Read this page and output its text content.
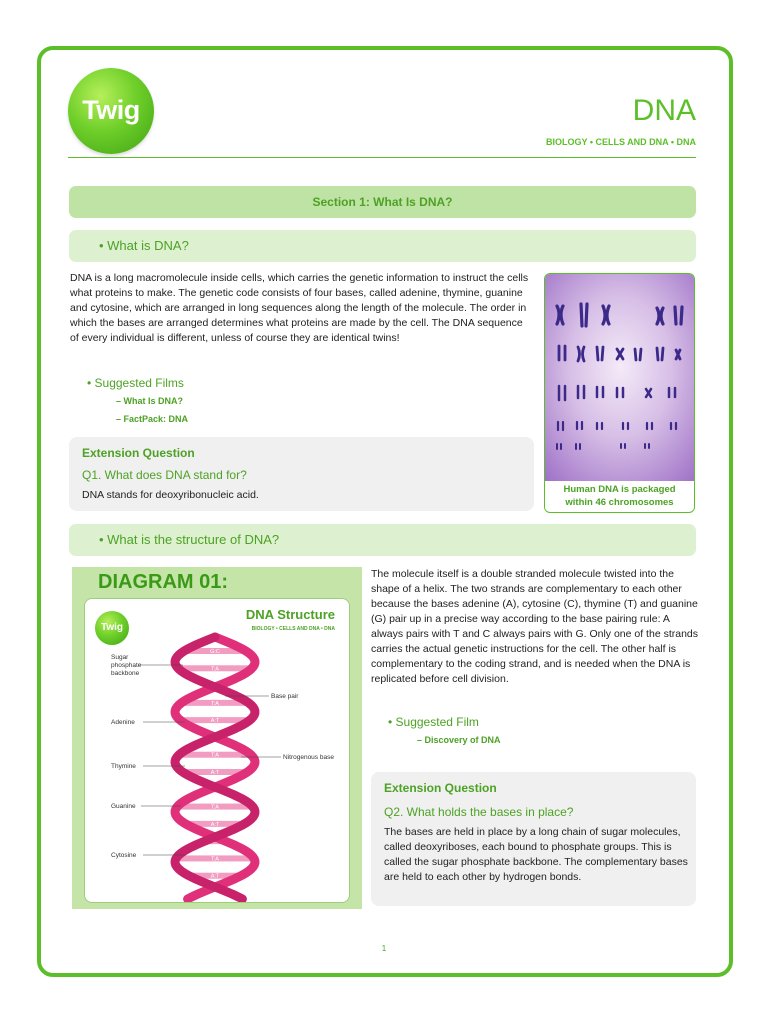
Twig	DNA
BIOLOGY • CELLS AND DNA • DNA
Section 1: What Is DNA?
• What is DNA?
DNA is a long macromolecule inside cells, which carries the genetic information to instruct the cells what proteins to make. The genetic code consists of four bases, called adenine, thymine, guanine and cytosine, which are arranged in long sequences along the length of the molecule. The order in which the bases are arranged determines what proteins are made by the cell. The DNA sequence of every individual is different, unless of course they are identical twins!
• Suggested Films
– What Is DNA?
– FactPack: DNA
Extension Question
Q1. What does DNA stand for?
DNA stands for deoxyribonucleic acid.	Human DNA is packaged
within 46 chromosomes
• What is the structure of DNA?
DIAGRAM 01:
Twig
DNA Structure
BIOLOGY • CELLS AND DNA • DNA
G:C
T:A
T:A
A:T
T:A
A:T
G:C
T:A
A:T
C:G
T:A
A:T
Sugar
phosphate
backbone
Base pair
Adenine
Nitrogenous base
Thymine
Guanine
Cytosine
The molecule itself is a double stranded molecule twisted into the shape of a helix. The two strands are complementary to each other because the bases adenine (A), cytosine (C), thymine (T) and guanine (G) pair up in a precise way according to the base pairing rule: A always pairs with T and C always pairs with G. Only one of the strands carries the actual genetic instructions for the cell. The other half is complementary to the coding strand, and is needed when the DNA is replicated before cell division.
• Suggested Film
– Discovery of DNA
Extension Question
Q2. What holds the bases in place?
The bases are held in place by a long chain of sugar molecules, called deoxyriboses, each bound to phosphate groups. This is called the sugar phosphate backbone. The complementary bases are held to each other by hydrogen bonds.
1
